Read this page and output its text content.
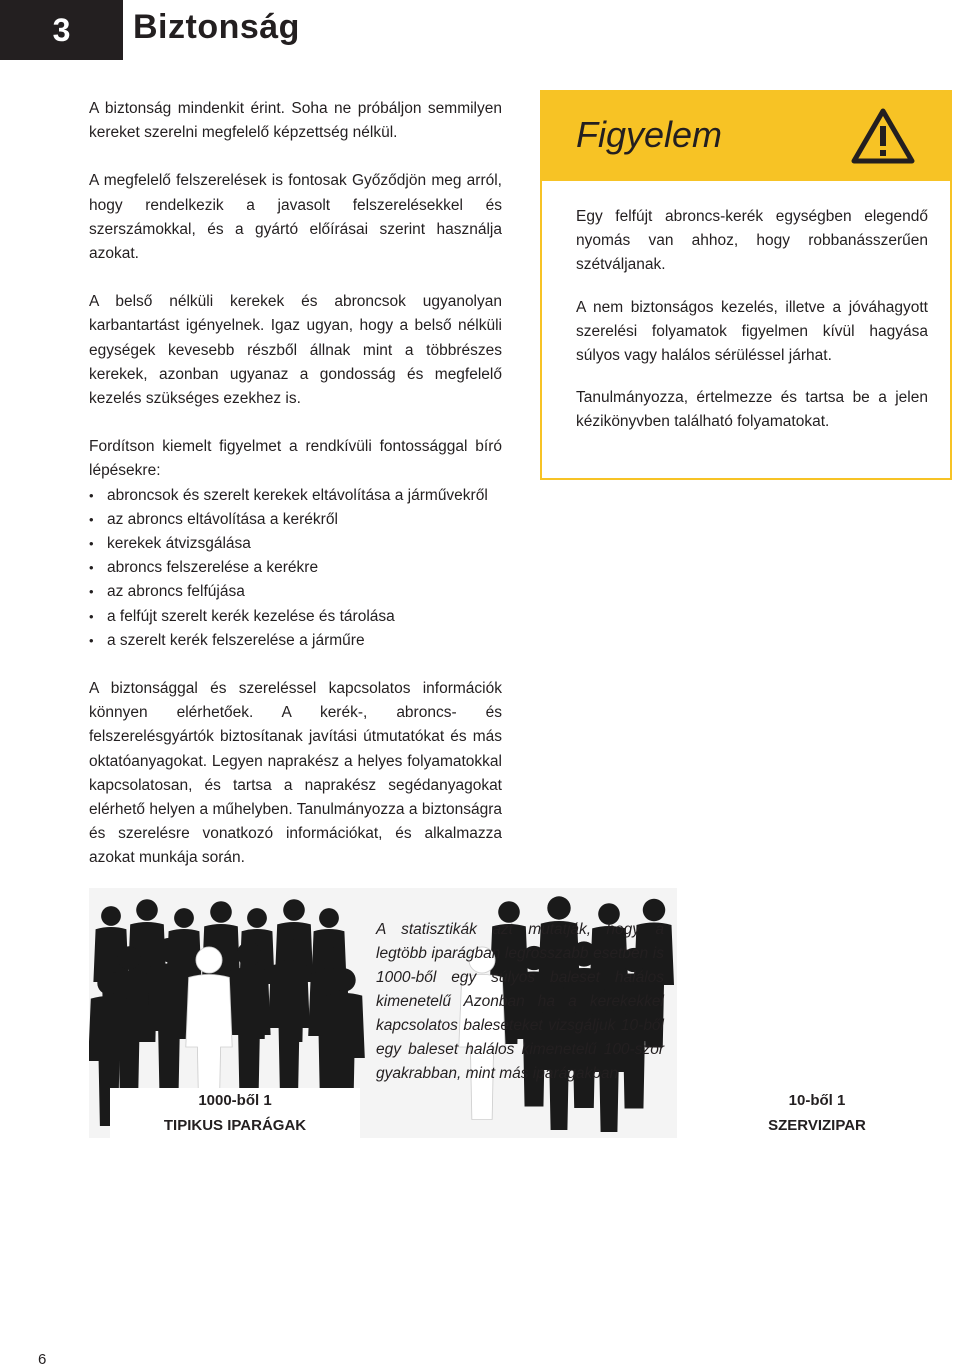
3	Biztonság

A biztonság mindenkit érint. Soha ne próbáljon semmilyen kereket szerelni megfelelő képzettség nélkül.

A megfelelő felszerelések is fontosak Győződjön meg arról, hogy rendelkezik a javasolt felszerelésekkel és szerszámokkal, és a gyártó előírásai szerint használja azokat.

A belső nélküli kerekek és abroncsok ugyanolyan karbantartást igényelnek. Igaz ugyan, hogy a belső nélküli egységek kevesebb részből állnak mint a többrészes kerekek, azonban ugyanaz a gondosság és megfelelő kezelés szükséges ezekhez is.

Fordítson kiemelt figyelmet a rendkívüli fontossággal bíró lépésekre:

• abroncsok és szerelt kerekek eltávolítása a járművekről
• az abroncs eltávolítása a kerékről
• kerekek átvizsgálása
• abroncs felszerelése a kerékre
• az abroncs felfújása
• a felfújt szerelt kerék kezelése és tárolása
• a szerelt kerék felszerelése a járműre

A biztonsággal és szereléssel kapcsolatos információk könnyen elérhetőek. A kerék-, abroncs- és felszerelésgyártók biztosítanak javítási útmutatókat és más oktatóanyagokat. Legyen naprakész a helyes folyamatokkal kapcsolatosan, és tartsa a naprakész segédanyagokat elérhető helyen a műhelyben. Tanulmányozza a biztonságra és szerelésre vonatkozó információkat, és alkalmazza azokat munkája során.

Figyelem

Egy felfújt abroncs-kerék egységben elegendő nyomás van ahhoz, hogy robbanásszerűen szétváljanak.

A nem biztonságos kezelés, illetve a jóváhagyott szerelési folyamatok figyelmen kívül hagyása súlyos vagy halálos sérüléssel járhat.

Tanulmányozza, értelmezze és tartsa be a jelen kézikönyvben található folyamatokat.

A statisztikák azt mutatják, hogy a legtöbb iparágban legrosszabb esetben is 1000-ből egy súlyos baleset halálos kimenetelű Azonban ha a kerekekkel kapcsolatos baleseteket vizsgáljuk 10-ből egy baleset halálos kimenetelű 100-szor gyakrabban, mint más iparágakban
1000-ből 1
TIPIKUS IPARÁGAK
10-ből 1
SZERVIZIPAR
6
